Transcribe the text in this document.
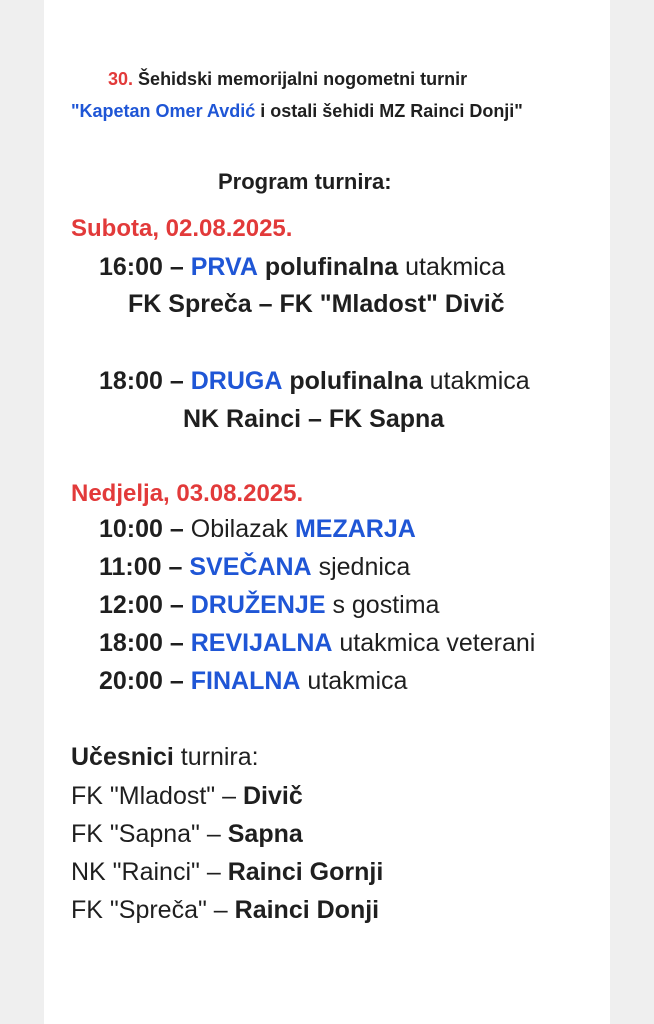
30. Šehidski memorijalni nogometni turnir
"Kapetan Omer Avdić i ostali šehidi MZ Rainci Donji"
Program turnira:
Subota, 02.08.2025.
16:00 – PRVA polufinalna utakmica
FK Spreča – FK "Mladost" Divič
18:00 – DRUGA polufinalna utakmica
NK Rainci – FK Sapna
Nedjelja, 03.08.2025.
10:00 – Obilazak MEZARJA
11:00 – SVEČANA sjednica
12:00 – DRUŽENJE s gostima
18:00 – REVIJALNA utakmica veterani
20:00 – FINALNA utakmica
Učesnici turnira:
FK "Mladost" – Divič
FK "Sapna" – Sapna
NK "Rainci" – Rainci Gornji
FK "Spreča" – Rainci Donji
